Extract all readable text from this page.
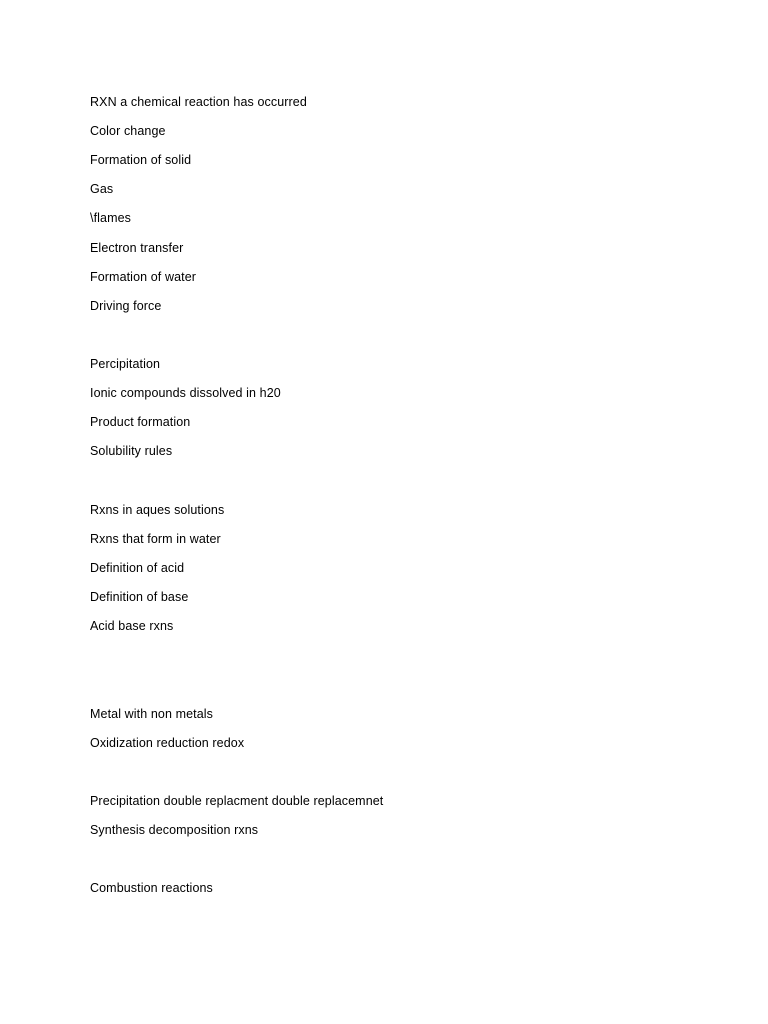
RXN a chemical reaction has occurred
Color change
Formation of solid
Gas
\flames
Electron transfer
Formation of water
Driving force
Percipitation
Ionic compounds dissolved in h20
Product formation
Solubility rules
Rxns in aques solutions
Rxns that form in water
Definition of acid
Definition of base
Acid base rxns
Metal with non metals
Oxidization reduction redox
Precipitation double replacment double replacemnet
Synthesis decomposition rxns
Combustion reactions
